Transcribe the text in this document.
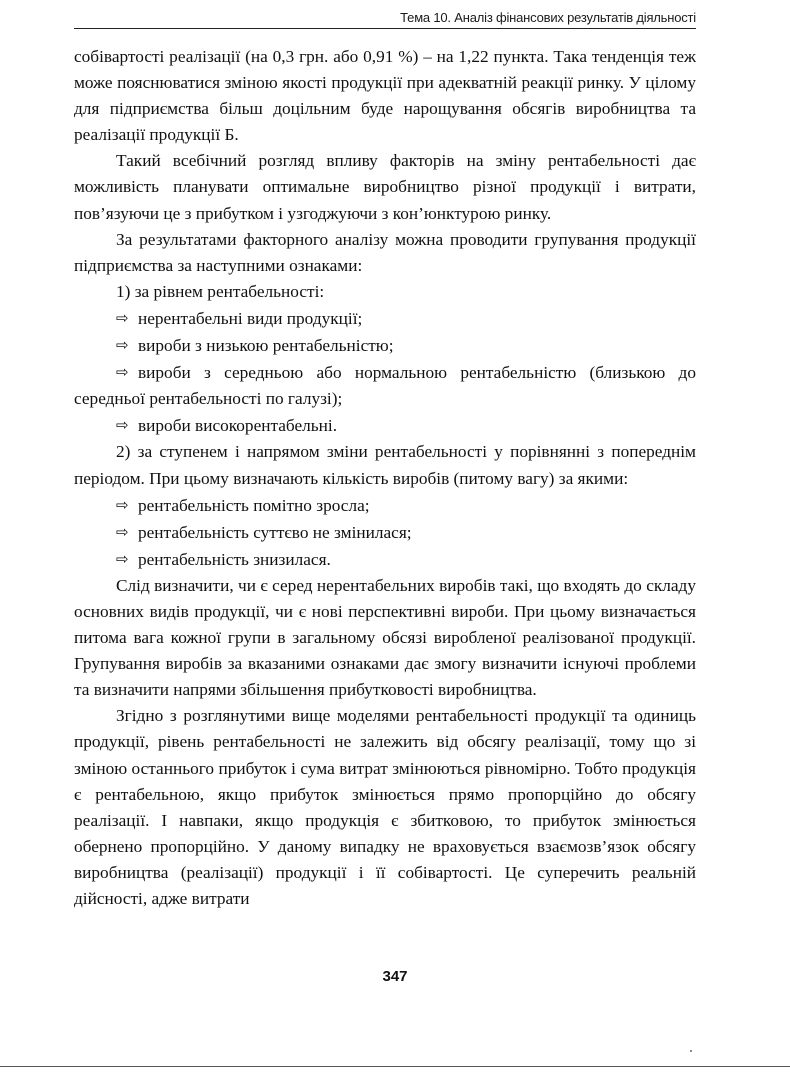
Тема 10. Аналіз фінансових результатів діяльності

собівартості реалізації (на 0,3 грн. або 0,91 %) – на 1,22 пункта. Така тенденція теж може пояснюватися зміною якості продукції при адекватній реакції ринку. У цілому для підприємства більш доцільним буде нарощування обсягів виробництва та реалізації продукції Б.

Такий всебічний розгляд впливу факторів на зміну рентабельності дає можливість планувати оптимальне виробництво різної продукції і витрати, пов’язуючи це з прибутком і узгоджуючи з кон’юнктурою ринку.

За результатами факторного аналізу можна проводити групування продукції підприємства за наступними ознаками:

1) за рівнем рентабельності:

⇨ нерентабельні види продукції;

⇨ вироби з низькою рентабельністю;

⇨ вироби з середньою або нормальною рентабельністю (близькою до середньої рентабельності по галузі);

⇨ вироби високорентабельні.

2) за ступенем і напрямом зміни рентабельності у порівнянні з попереднім періодом. При цьому визначають кількість виробів (питому вагу) за якими:

⇨ рентабельність помітно зросла;

⇨ рентабельність суттєво не змінилася;

⇨ рентабельність знизилася.

Слід визначити, чи є серед нерентабельних виробів такі, що входять до складу основних видів продукції, чи є нові перспективні вироби. При цьому визначається питома вага кожної групи в загальному обсязі виробленої реалізованої продукції. Групування виробів за вказаними ознаками дає змогу визначити існуючі проблеми та визначити напрями збільшення прибутковості виробництва.

Згідно з розглянутими вище моделями рентабельності продукції та одиниць продукції, рівень рентабельності не залежить від обсягу реалізації, тому що зі зміною останнього прибуток і сума витрат змінюються рівномірно. Тобто продукція є рентабельною, якщо прибуток змінюється прямо пропорційно до обсягу реалізації. І навпаки, якщо продукція є збитковою, то прибуток змінюється обернено пропорційно. У даному випадку не враховується взаємозв’язок обсягу виробництва (реалізації) продукції і її собівартості. Це суперечить реальній дійсності, адже витрати

347
